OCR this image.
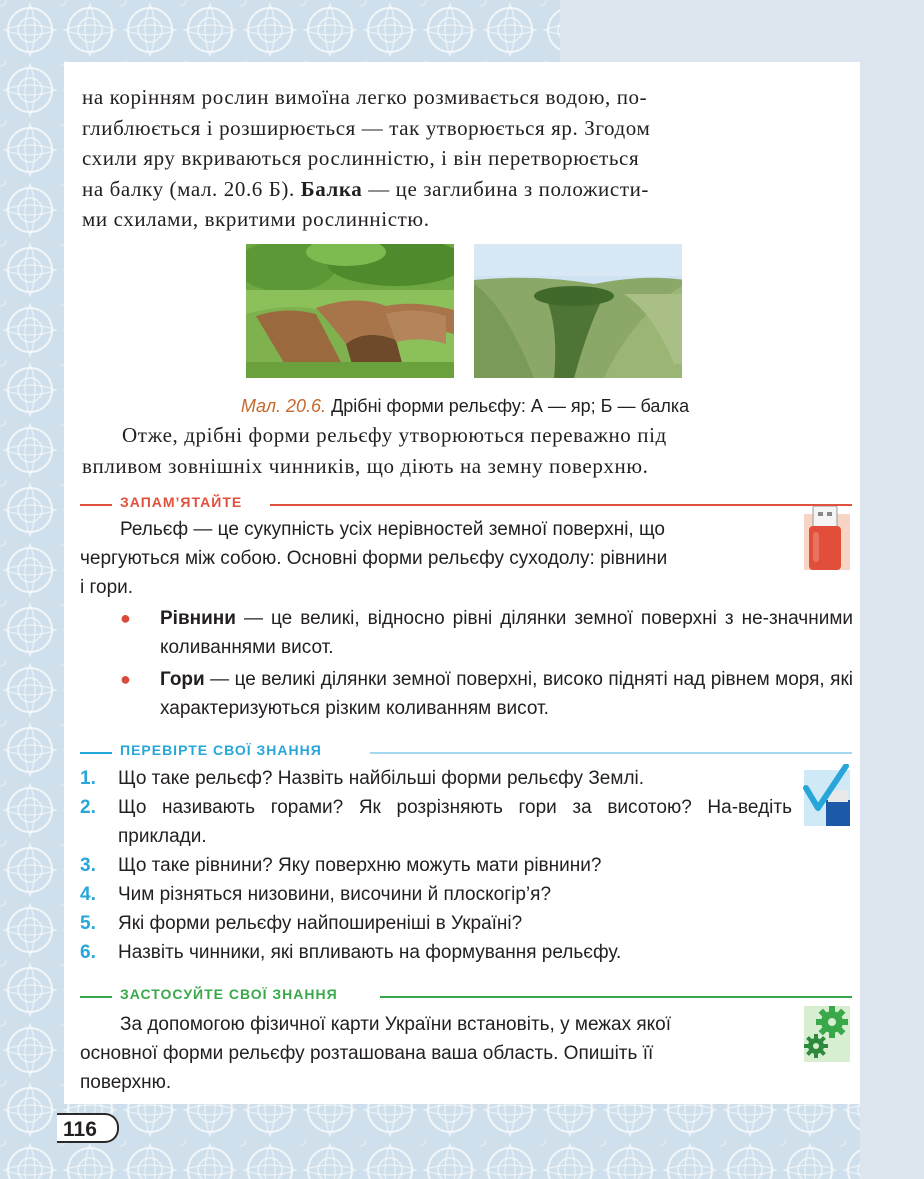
на корінням рослин вимоїна легко розмивається водою, по-
глиблюється і розширюється — так утворюється яр. Згодом
схили яру вкриваються рослинністю, і він перетворюється
на балку (мал. 20.6 Б). Балка — це заглибина з положисти-
ми схилами, вкритими рослинністю.

Мал. 20.6. Дрібні форми рельєфу: А — яр; Б — балка

Отже, дрібні форми рельєфу утворюються переважно під
впливом зовнішніх чинників, що діють на земну поверхню.

ЗАПАМ’ЯТАЙТЕ
Рельєф — це сукупність усіх нерівностей земної поверхні, що
чергуються між собою. Основні форми рельєфу суходолу: рівнини
і гори.
● Рівнини — це великі, відносно рівні ділянки земної поверхні з не-значними коливаннями висот.
● Гори — це великі ділянки земної поверхні, високо підняті над рівнем моря, які характеризуються різким коливанням висот.
ПЕРЕВІРТЕ СВОЇ ЗНАННЯ
1. Що таке рельєф? Назвіть найбільші форми рельєфу Землі.
2. Що називають горами? Як розрізняють гори за висотою? На-ведіть приклади.
3. Що таке рівнини? Яку поверхню можуть мати рівнини?
4. Чим різняться низовини, височини й плоскогір’я?
5. Які форми рельєфу найпоширеніші в Україні?
6. Назвіть чинники, які впливають на формування рельєфу.
ЗАСТОСУЙТЕ СВОЇ ЗНАННЯ
За допомогою фізичної карти України встановіть, у межах якої
основної форми рельєфу розташована ваша область. Опишіть її
поверхню.
116
